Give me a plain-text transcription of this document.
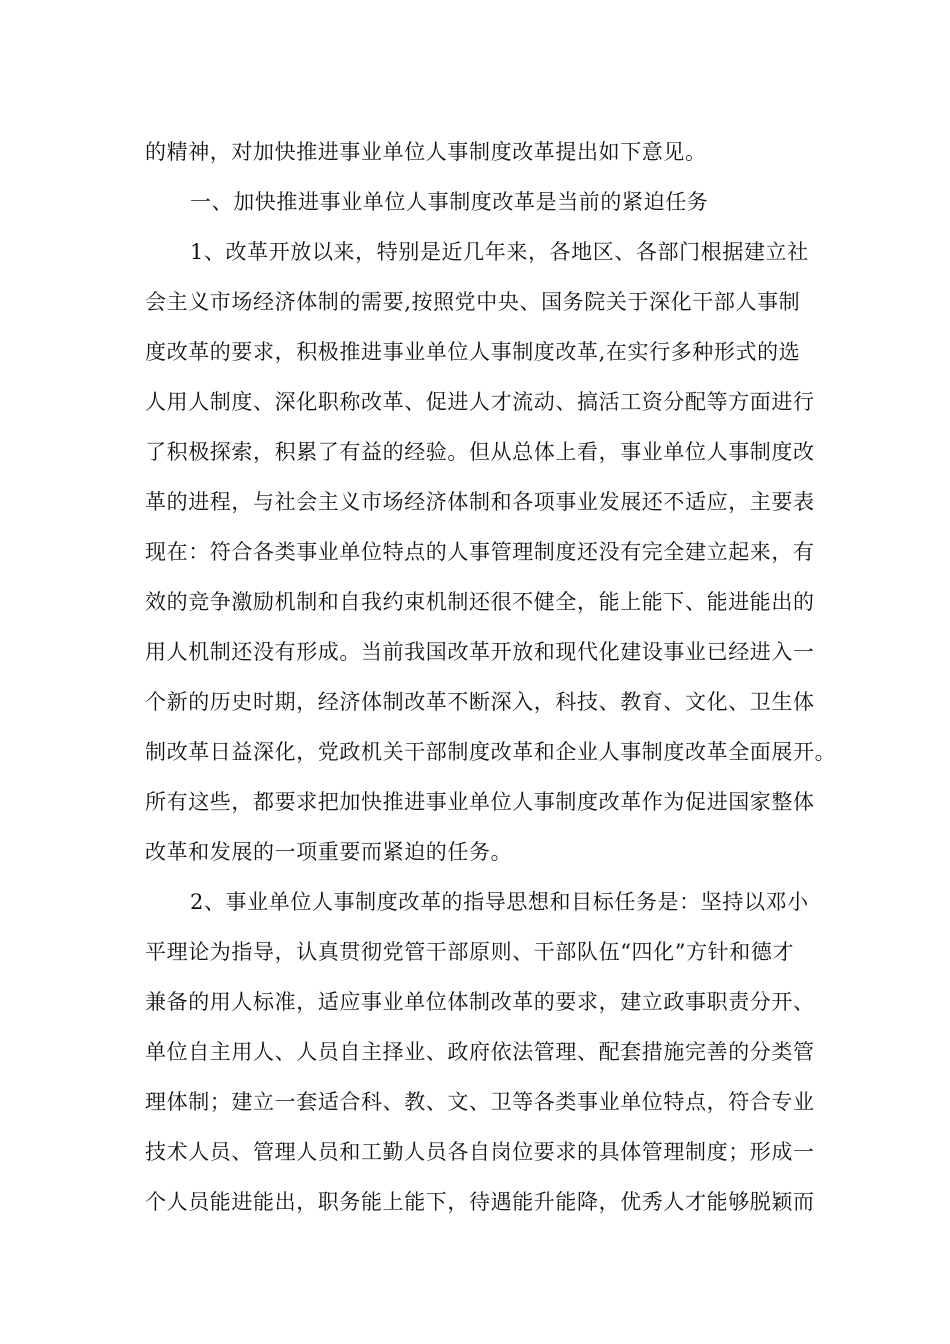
的精神，对加快推进事业单位人事制度改革提出如下意见。
一、加快推进事业单位人事制度改革是当前的紧迫任务
1、改革开放以来，特别是近几年来，各地区、各部门根据建立社
会主义市场经济体制的需要,按照党中央、国务院关于深化干部人事制
度改革的要求，积极推进事业单位人事制度改革,在实行多种形式的选
人用人制度、深化职称改革、促进人才流动、搞活工资分配等方面进行
了积极探索，积累了有益的经验。但从总体上看，事业单位人事制度改
革的进程，与社会主义市场经济体制和各项事业发展还不适应，主要表
现在：符合各类事业单位特点的人事管理制度还没有完全建立起来，有
效的竞争激励机制和自我约束机制还很不健全，能上能下、能进能出的
用人机制还没有形成。当前我国改革开放和现代化建设事业已经进入一
个新的历史时期，经济体制改革不断深入，科技、教育、文化、卫生体
制改革日益深化，党政机关干部制度改革和企业人事制度改革全面展开。
所有这些，都要求把加快推进事业单位人事制度改革作为促进国家整体
改革和发展的一项重要而紧迫的任务。
2、事业单位人事制度改革的指导思想和目标任务是：坚持以邓小
平理论为指导，认真贯彻党管干部原则、干部队伍“四化”方针和德才
兼备的用人标准，适应事业单位体制改革的要求，建立政事职责分开、
单位自主用人、人员自主择业、政府依法管理、配套措施完善的分类管
理体制；建立一套适合科、教、文、卫等各类事业单位特点，符合专业
技术人员、管理人员和工勤人员各自岗位要求的具体管理制度；形成一
个人员能进能出，职务能上能下，待遇能升能降，优秀人才能够脱颖而
